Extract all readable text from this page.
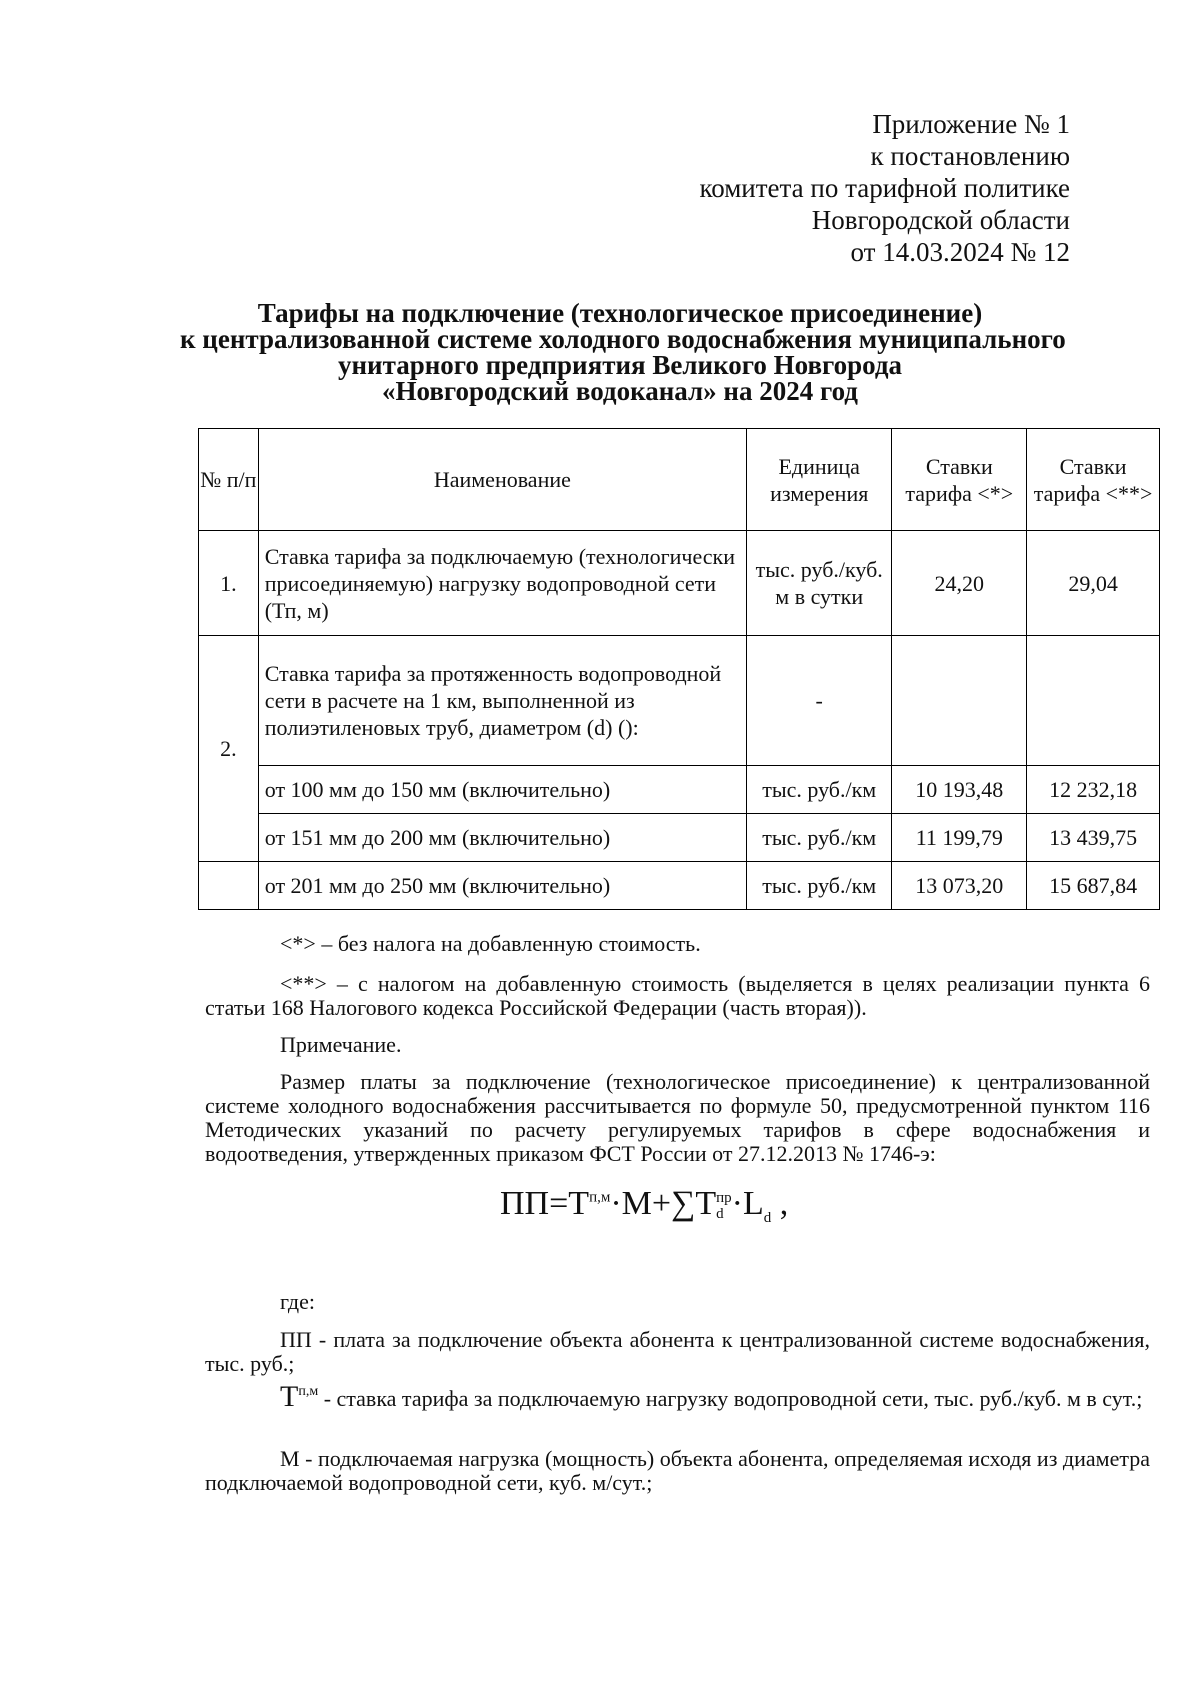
Приложение № 1
к постановлению
комитета по тарифной политике
Новгородской области
от 14.03.2024 № 12
Тарифы на подключение (технологическое присоединение)
к централизованной системе холодного водоснабжения муниципального
унитарного предприятия Великого Новгорода
«Новгородский водоканал» на 2024 год
№ п/п	Наименование	Единица измерения	Ставки тарифа <*>	Ставки тарифа <**>
1.	Ставка тарифа за подключаемую (технологически присоединяемую) нагрузку водопроводной сети (Тп, м)	тыс. руб./куб. м в сутки	24,20	29,04
2.	Ставка тарифа за протяженность водопроводной сети в расчете на 1 км, выполненной из полиэтиленовых труб, диаметром (d) ():	-		
	от 100 мм до 150 мм (включительно)	тыс. руб./км	10 193,48	12 232,18
	от 151 мм до 200 мм (включительно)	тыс. руб./км	11 199,79	13 439,75
	от 201 мм до 250 мм (включительно)	тыс. руб./км	13 073,20	15 687,84
<*> – без налога на добавленную стоимость.
<**> – с налогом на добавленную стоимость (выделяется в целях реализации пункта 6 статьи 168 Налогового кодекса Российской Федерации (часть вторая)).
Примечание.
Размер платы за подключение (технологическое присоединение) к централизованной системе холодного водоснабжения рассчитывается по формуле 50, предусмотренной пунктом 116 Методических указаний по расчету регулируемых тарифов в сфере водоснабжения и водоотведения, утвержденных приказом ФСТ России от 27.12.2013 № 1746-э:
$ПП=Т^{п,м}\cdot М+\sum Т$ пр
$d \cdot L_d$ ,
где:
ПП - плата за подключение объекта абонента к централизованной системе водоснабжения, тыс. руб.;
$Т^{п,м}$ - ставка тарифа за подключаемую нагрузку водопроводной сети, тыс. руб./куб. м в сут.;
М - подключаемая нагрузка (мощность) объекта абонента, определяемая исходя из диаметра подключаемой водопроводной сети, куб. м/сут.;
